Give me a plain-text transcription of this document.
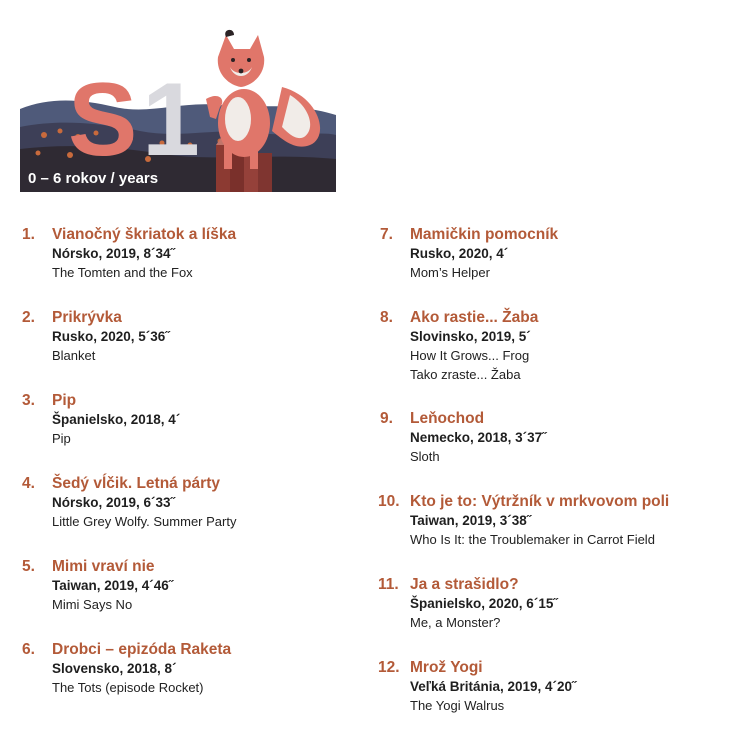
S 1
0 – 6 rokov / years
1. Vianočný škriatok a líška
Nórsko, 2019, 8´34˝
The Tomten and the Fox
2. Prikrývka
Rusko, 2020, 5´36˝
Blanket
3. Pip
Španielsko, 2018, 4´
Pip
4. Šedý vĺčik. Letná párty
Nórsko, 2019, 6´33˝
Little Grey Wolfy. Summer Party
5. Mimi vraví nie
Taiwan, 2019, 4´46˝
Mimi Says No
6. Drobci – epizóda Raketa
Slovensko, 2018, 8´
The Tots (episode Rocket)
7. Mamičkin pomocník
Rusko, 2020, 4´
Mom’s Helper
8. Ako rastie... Žaba
Slovinsko, 2019, 5´
How It Grows... Frog
Tako zraste... Žaba
9. Leňochod
Nemecko, 2018, 3´37˝
Sloth
10. Kto je to: Výtržník v mrkvovom poli
Taiwan, 2019, 3´38˝
Who Is It: the Troublemaker in Carrot Field
11. Ja a strašidlo?
Španielsko, 2020, 6´15˝
Me, a Monster?
12. Mrož Yogi
Veľká Británia, 2019, 4´20˝
The Yogi Walrus
